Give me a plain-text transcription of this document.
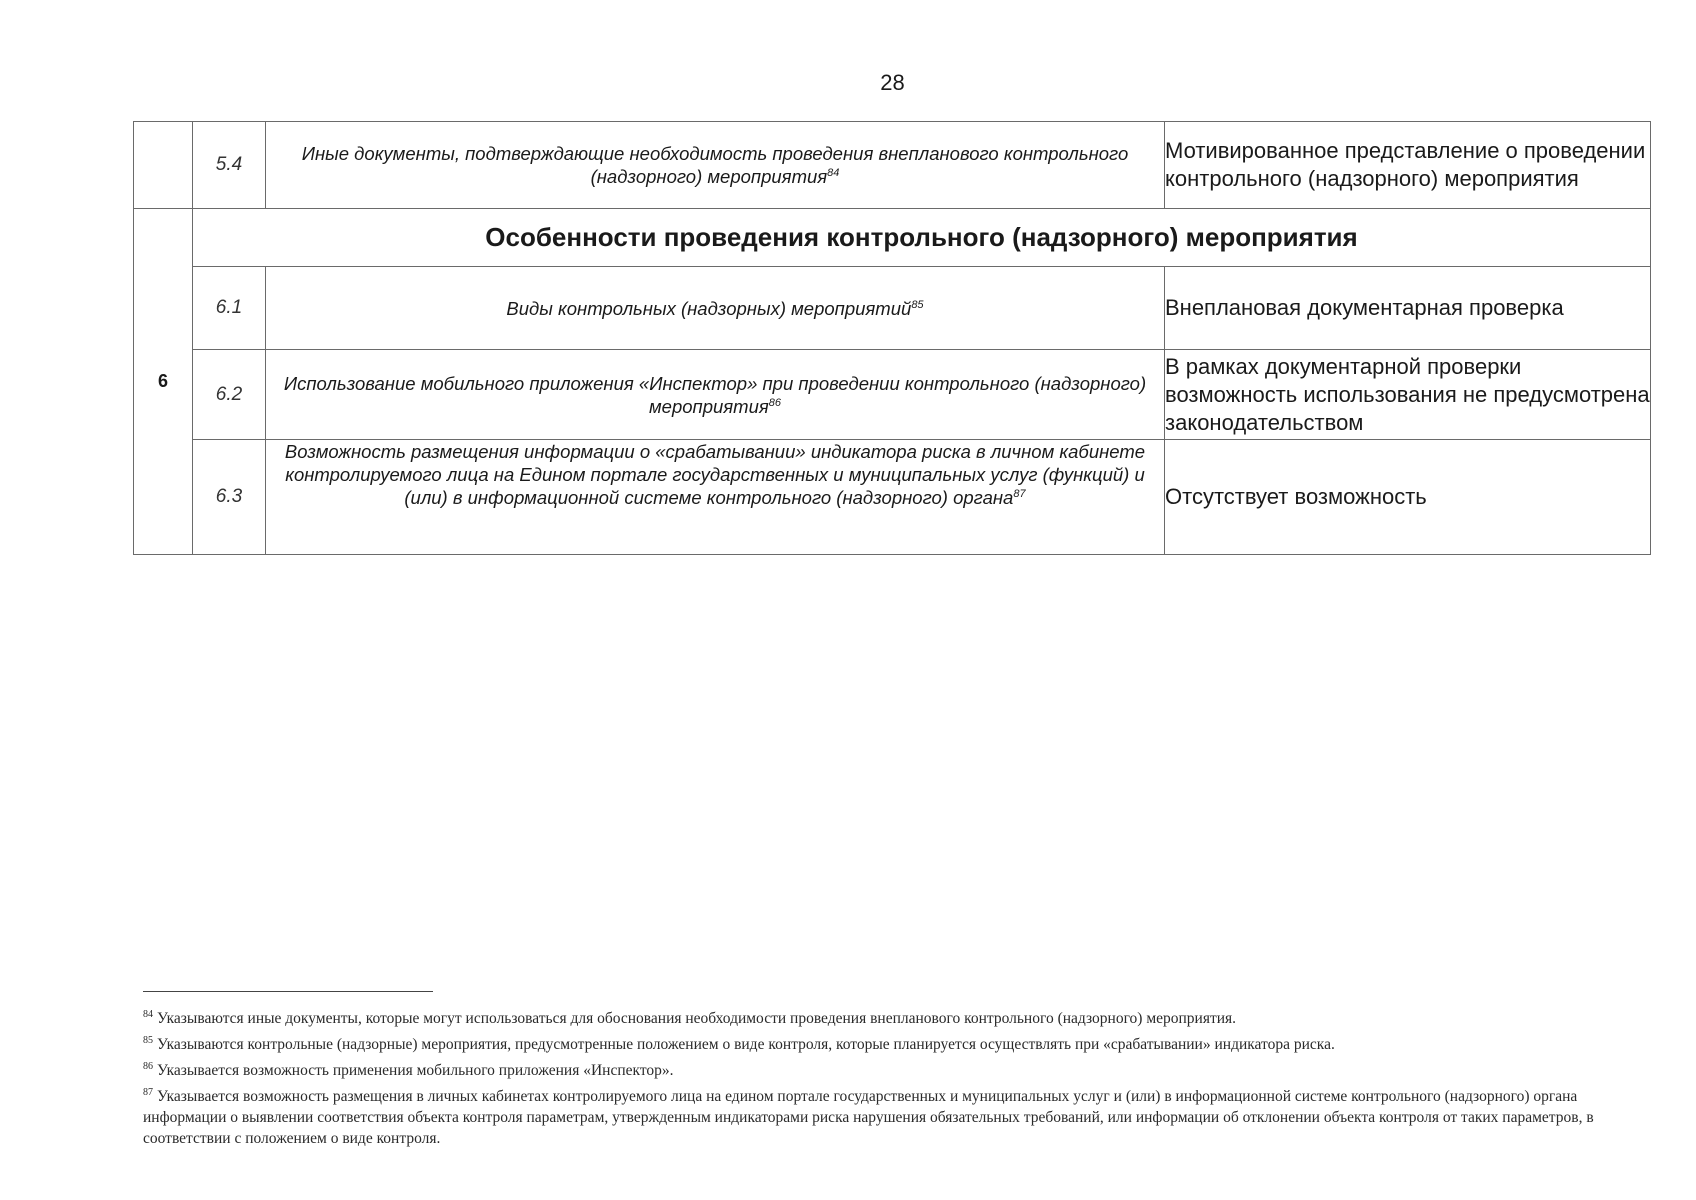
28
	5.4	Иные документы, подтверждающие необходимость проведения внепланового контрольного (надзорного) мероприятия$^{84}$	Мотивированное представление о проведении контрольного (надзорного) мероприятия
6	Особенности проведения контрольного (надзорного) мероприятия		
	6.1	Виды контрольных (надзорных) мероприятий$^{85}$	Внеплановая документарная проверка
	6.2	Использование мобильного приложения «Инспектор» при проведении контрольного (надзорного) мероприятия$^{86}$	В рамках документарной проверки возможность использования не предусмотрена законодательством
	6.3	Возможность размещения информации о «срабатывании» индикатора риска в личном кабинете контролируемого лица на Едином портале государственных и муниципальных услуг (функций) и (или) в информационной системе контрольного (надзорного) органа$^{87}$	Отсутствует возможность
$^{84}$ Указываются иные документы, которые могут использоваться для обоснования необходимости проведения внепланового контрольного (надзорного) мероприятия.
$^{85}$ Указываются контрольные (надзорные) мероприятия, предусмотренные положением о виде контроля, которые планируется осуществлять при «срабатывании» индикатора риска.
$^{86}$ Указывается возможность применения мобильного приложения «Инспектор».
$^{87}$ Указывается возможность размещения в личных кабинетах контролируемого лица на едином портале государственных и муниципальных услуг и (или) в информационной системе контрольного (надзорного) органа информации о выявлении соответствия объекта контроля параметрам, утвержденным индикаторами риска нарушения обязательных требований, или информации об отклонении объекта контроля от таких параметров, в соответствии с положением о виде контроля.
